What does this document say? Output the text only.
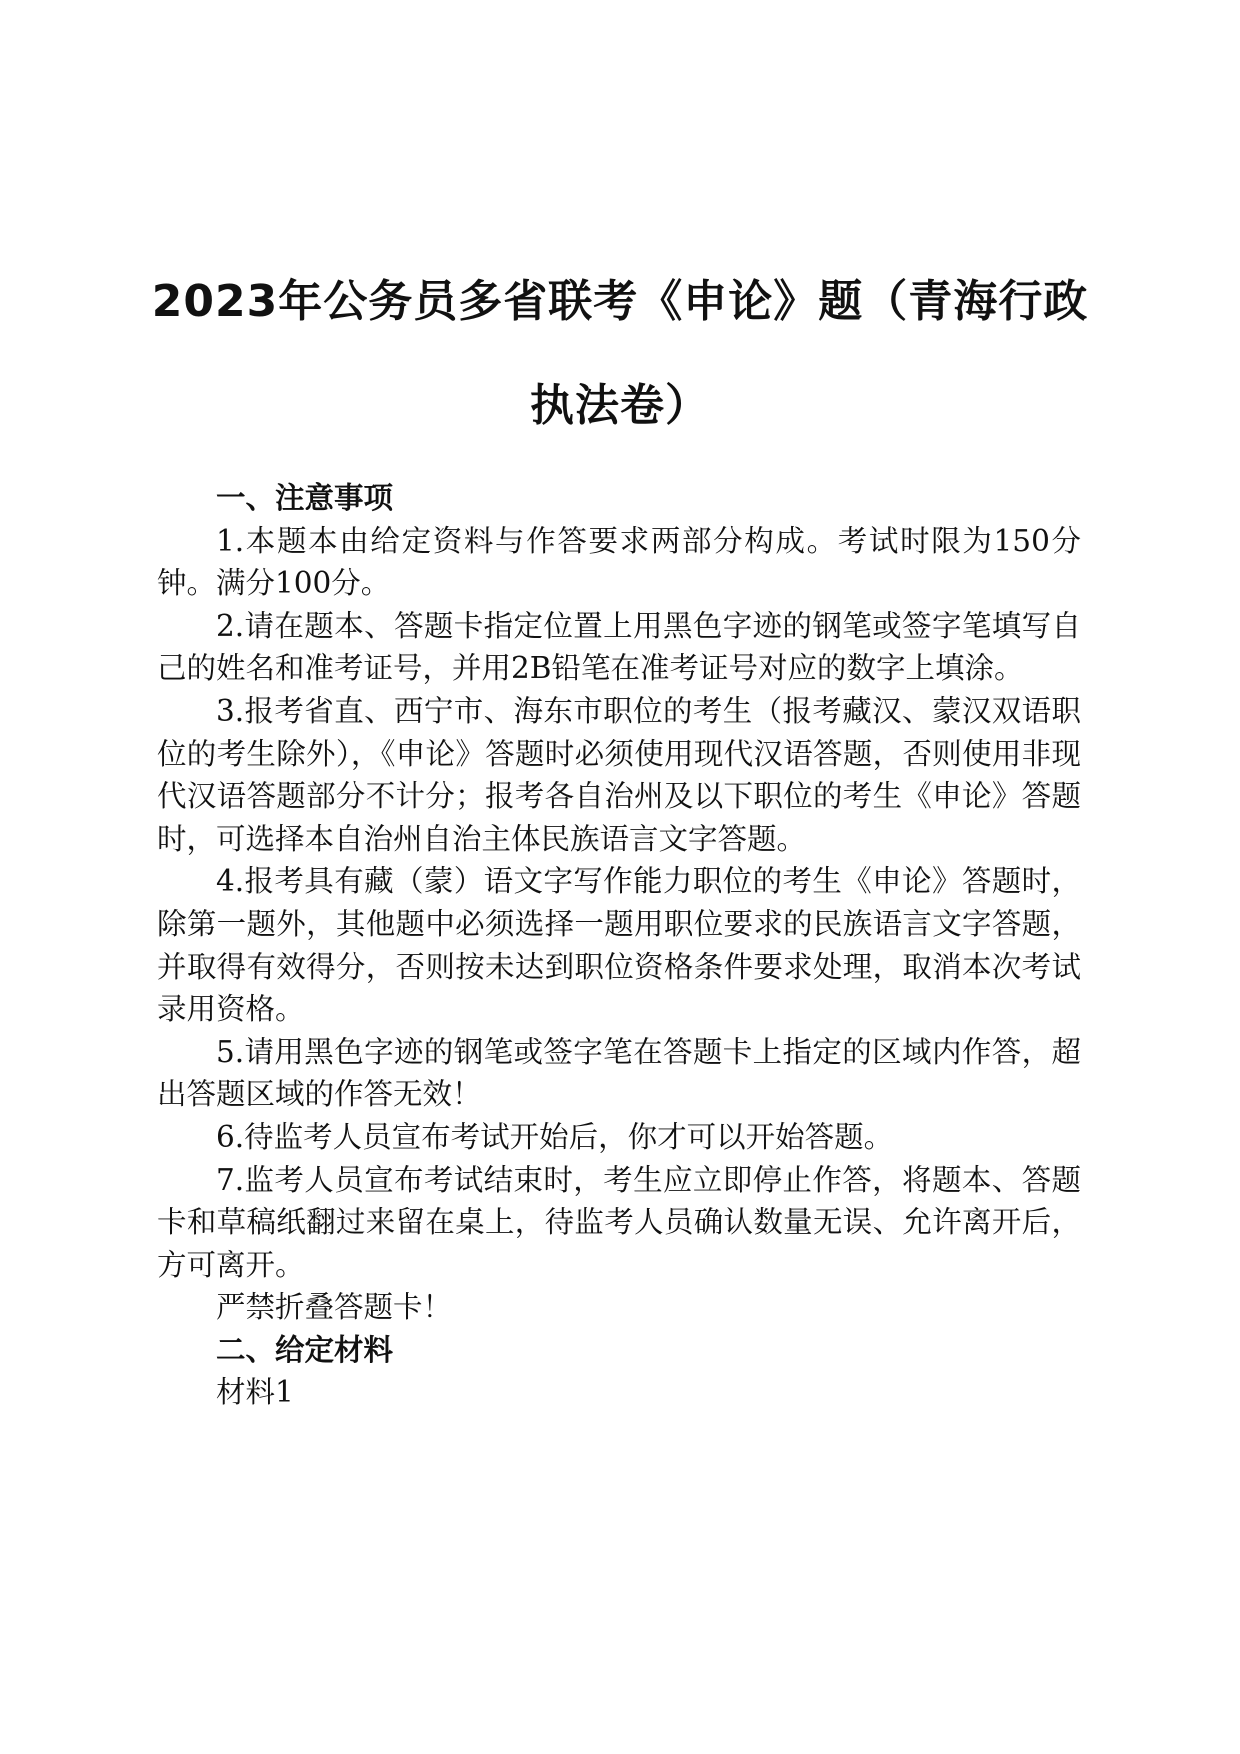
2023年公务员多省联考《申论》题（青海行政执法卷）

一、注意事项

1.本题本由给定资料与作答要求两部分构成。考试时限为150分钟。满分100分。

2.请在题本、答题卡指定位置上用黑色字迹的钢笔或签字笔填写自己的姓名和准考证号，并用2B铅笔在准考证号对应的数字上填涂。

3.报考省直、西宁市、海东市职位的考生（报考藏汉、蒙汉双语职位的考生除外），《申论》答题时必须使用现代汉语答题，否则使用非现代汉语答题部分不计分；报考各自治州及以下职位的考生《申论》答题时，可选择本自治州自治主体民族语言文字答题。

4.报考具有藏（蒙）语文字写作能力职位的考生《申论》答题时，除第一题外，其他题中必须选择一题用职位要求的民族语言文字答题，并取得有效得分，否则按未达到职位资格条件要求处理，取消本次考试录用资格。

5.请用黑色字迹的钢笔或签字笔在答题卡上指定的区域内作答，超出答题区域的作答无效！

6.待监考人员宣布考试开始后，你才可以开始答题。

7.监考人员宣布考试结束时，考生应立即停止作答，将题本、答题卡和草稿纸翻过来留在桌上，待监考人员确认数量无误、允许离开后，方可离开。

严禁折叠答题卡！

二、给定材料

材料1
